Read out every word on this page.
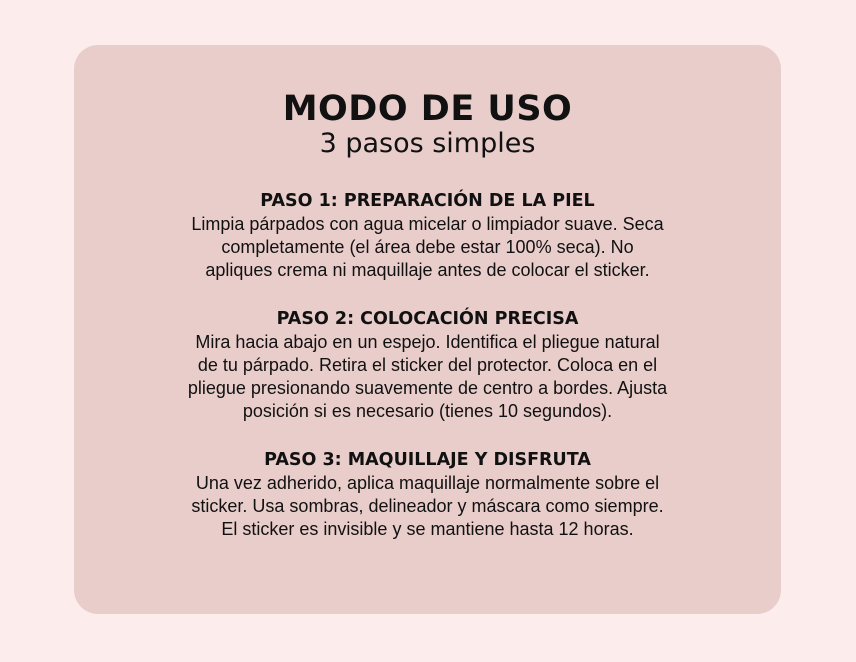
MODO DE USO

3 pasos simples

PASO 1: PREPARACIÓN DE LA PIEL

Limpia párpados con agua micelar o limpiador suave. Seca
completamente (el área debe estar 100% seca). No
apliques crema ni maquillaje antes de colocar el sticker.

PASO 2: COLOCACIÓN PRECISA

Mira hacia abajo en un espejo. Identifica el pliegue natural
de tu párpado. Retira el sticker del protector. Coloca en el
pliegue presionando suavemente de centro a bordes. Ajusta
posición si es necesario (tienes 10 segundos).

PASO 3: MAQUILLAJE Y DISFRUTA

Una vez adherido, aplica maquillaje normalmente sobre el
sticker. Usa sombras, delineador y máscara como siempre.
El sticker es invisible y se mantiene hasta 12 horas.
